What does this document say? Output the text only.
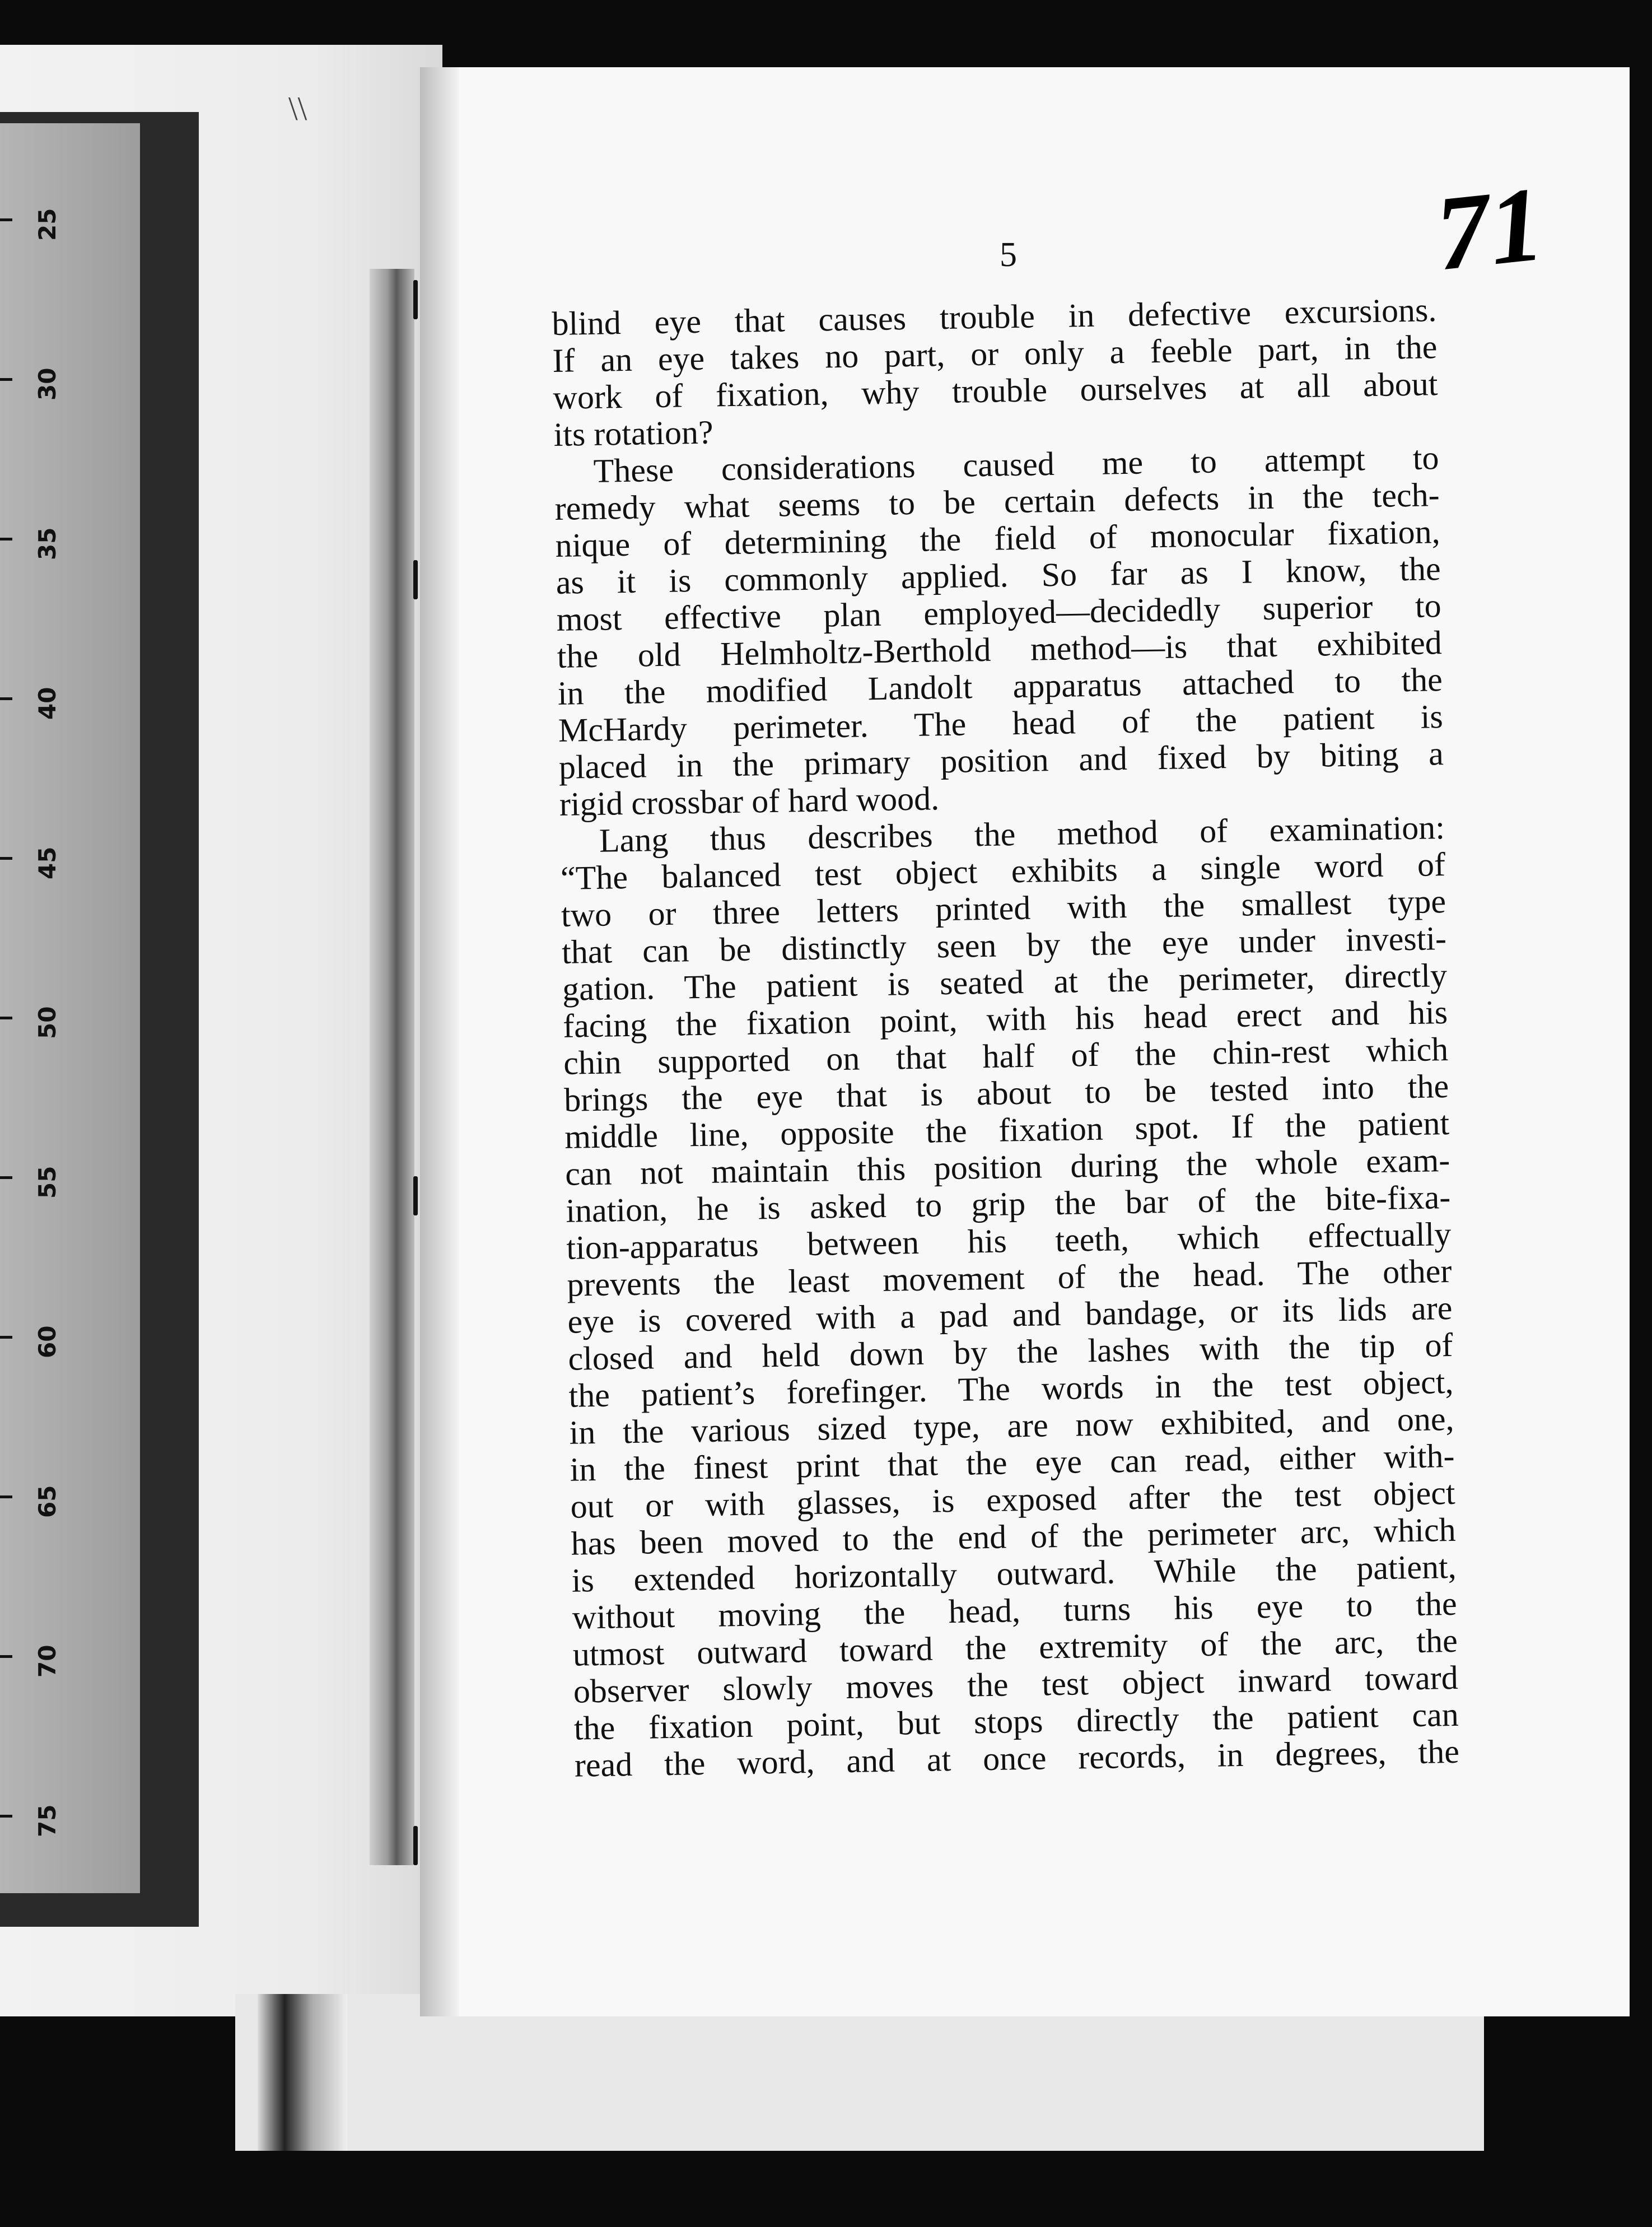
25
30
35
40
45
50
55
60
65
70
75
\\
5	71
blind eye that causes trouble in defective excursions.
If an eye takes no part, or only a feeble part, in the
work of fixation, why trouble ourselves at all about
its rotation?
These considerations caused me to attempt to
remedy what seems to be certain defects in the tech-
nique of determining the field of monocular fixation,
as it is commonly applied. So far as I know, the
most effective plan employed—decidedly superior to
the old Helmholtz-Berthold method—is that exhibited
in the modified Landolt apparatus attached to the
McHardy perimeter. The head of the patient is
placed in the primary position and fixed by biting a
rigid crossbar of hard wood.
Lang thus describes the method of examination:
“The balanced test object exhibits a single word of
two or three letters printed with the smallest type
that can be distinctly seen by the eye under investi-
gation. The patient is seated at the perimeter, directly
facing the fixation point, with his head erect and his
chin supported on that half of the chin-rest which
brings the eye that is about to be tested into the
middle line, opposite the fixation spot. If the patient
can not maintain this position during the whole exam-
ination, he is asked to grip the bar of the bite-fixa-
tion-apparatus between his teeth, which effectually
prevents the least movement of the head. The other
eye is covered with a pad and bandage, or its lids are
closed and held down by the lashes with the tip of
the patient’s forefinger. The words in the test object,
in the various sized type, are now exhibited, and one,
in the finest print that the eye can read, either with-
out or with glasses, is exposed after the test object
has been moved to the end of the perimeter arc, which
is extended horizontally outward. While the patient,
without moving the head, turns his eye to the
utmost outward toward the extremity of the arc, the
observer slowly moves the test object inward toward
the fixation point, but stops directly the patient can
read the word, and at once records, in degrees, the
